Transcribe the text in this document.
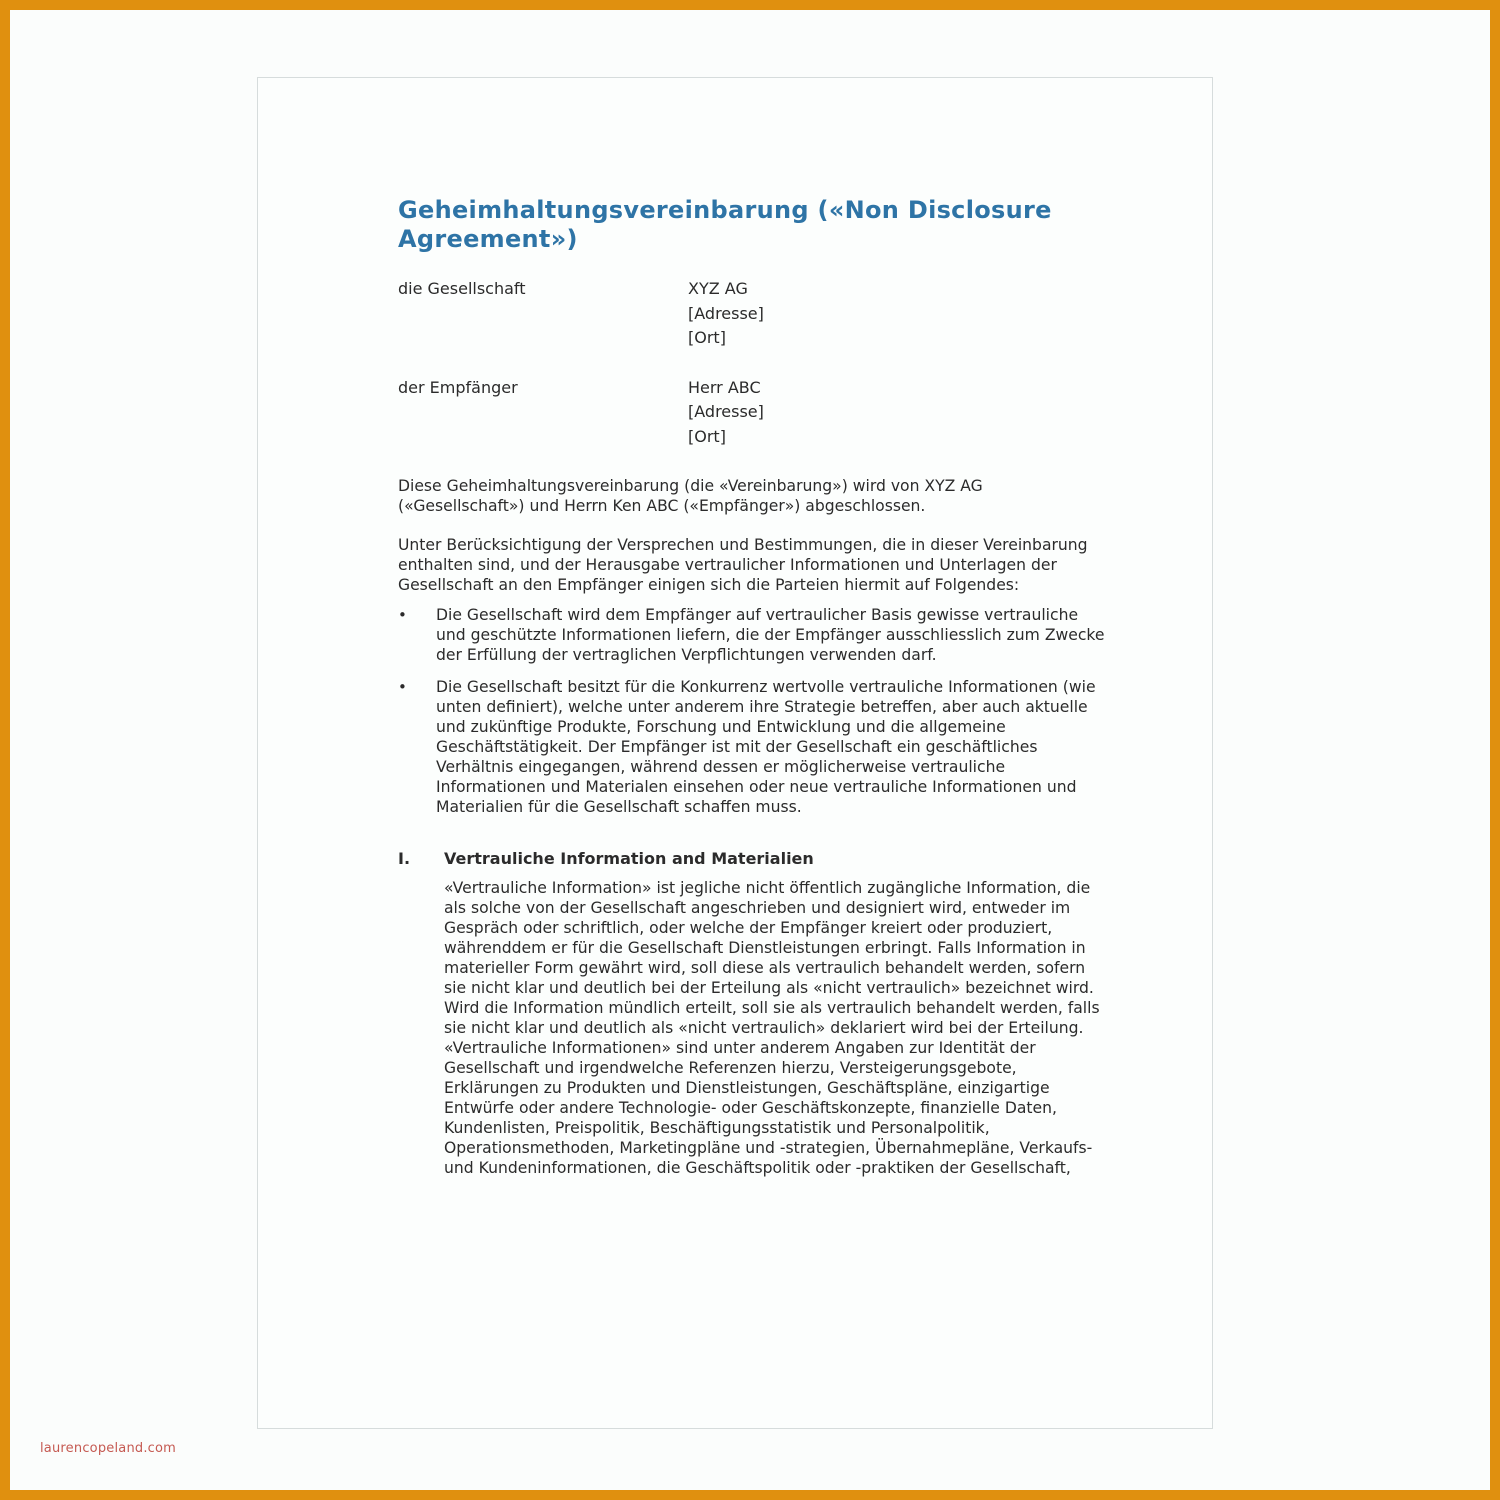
Geheimhaltungsvereinbarung («Non Disclosure Agreement»)
die Gesellschaft	XYZ AG
[Adresse]
[Ort]
der Empfänger	Herr ABC
[Adresse]
[Ort]

Diese Geheimhaltungsvereinbarung (die «Vereinbarung») wird von XYZ AG («Gesellschaft») und Herrn Ken ABC («Empfänger») abgeschlossen.

Unter Berücksichtigung der Versprechen und Bestimmungen, die in dieser Vereinbarung enthalten sind, und der Herausgabe vertraulicher Informationen und Unterlagen der Gesellschaft an den Empfänger einigen sich die Parteien hiermit auf Folgendes:

• Die Gesellschaft wird dem Empfänger auf vertraulicher Basis gewisse vertrauliche und geschützte Informationen liefern, die der Empfänger ausschliesslich zum Zwecke der Erfüllung der vertraglichen Verpflichtungen verwenden darf.
• Die Gesellschaft besitzt für die Konkurrenz wertvolle vertrauliche Informationen (wie unten definiert), welche unter anderem ihre Strategie betreffen, aber auch aktuelle und zukünftige Produkte, Forschung und Entwicklung und die allgemeine Geschäftstätigkeit. Der Empfänger ist mit der Gesellschaft ein geschäftliches Verhältnis eingegangen, während dessen er möglicherweise vertrauliche Informationen und Materialen einsehen oder neue vertrauliche Informationen und Materialien für die Gesellschaft schaffen muss.
I.	Vertrauliche Information and Materialien

«Vertrauliche Information» ist jegliche nicht öffentlich zugängliche Information, die als solche von der Gesellschaft angeschrieben und designiert wird, entweder im Gespräch oder schriftlich, oder welche der Empfänger kreiert oder produziert, währenddem er für die Gesellschaft Dienstleistungen erbringt. Falls Information in materieller Form gewährt wird, soll diese als vertraulich behandelt werden, sofern sie nicht klar und deutlich bei der Erteilung als «nicht vertraulich» bezeichnet wird. Wird die Information mündlich erteilt, soll sie als vertraulich behandelt werden, falls sie nicht klar und deutlich als «nicht vertraulich» deklariert wird bei der Erteilung. «Vertrauliche Informationen» sind unter anderem Angaben zur Identität der Gesellschaft und irgendwelche Referenzen hierzu, Versteigerungsgebote, Erklärungen zu Produkten und Dienstleistungen, Geschäftspläne, einzigartige Entwürfe oder andere Technologie- oder Geschäftskonzepte, finanzielle Daten, Kundenlisten, Preispolitik, Beschäftigungsstatistik und Personalpolitik, Operationsmethoden, Marketingpläne und -strategien, Übernahmepläne, Verkaufs- und Kundeninformationen, die Geschäftspolitik oder -praktiken der Gesellschaft,

laurencopeland.com
